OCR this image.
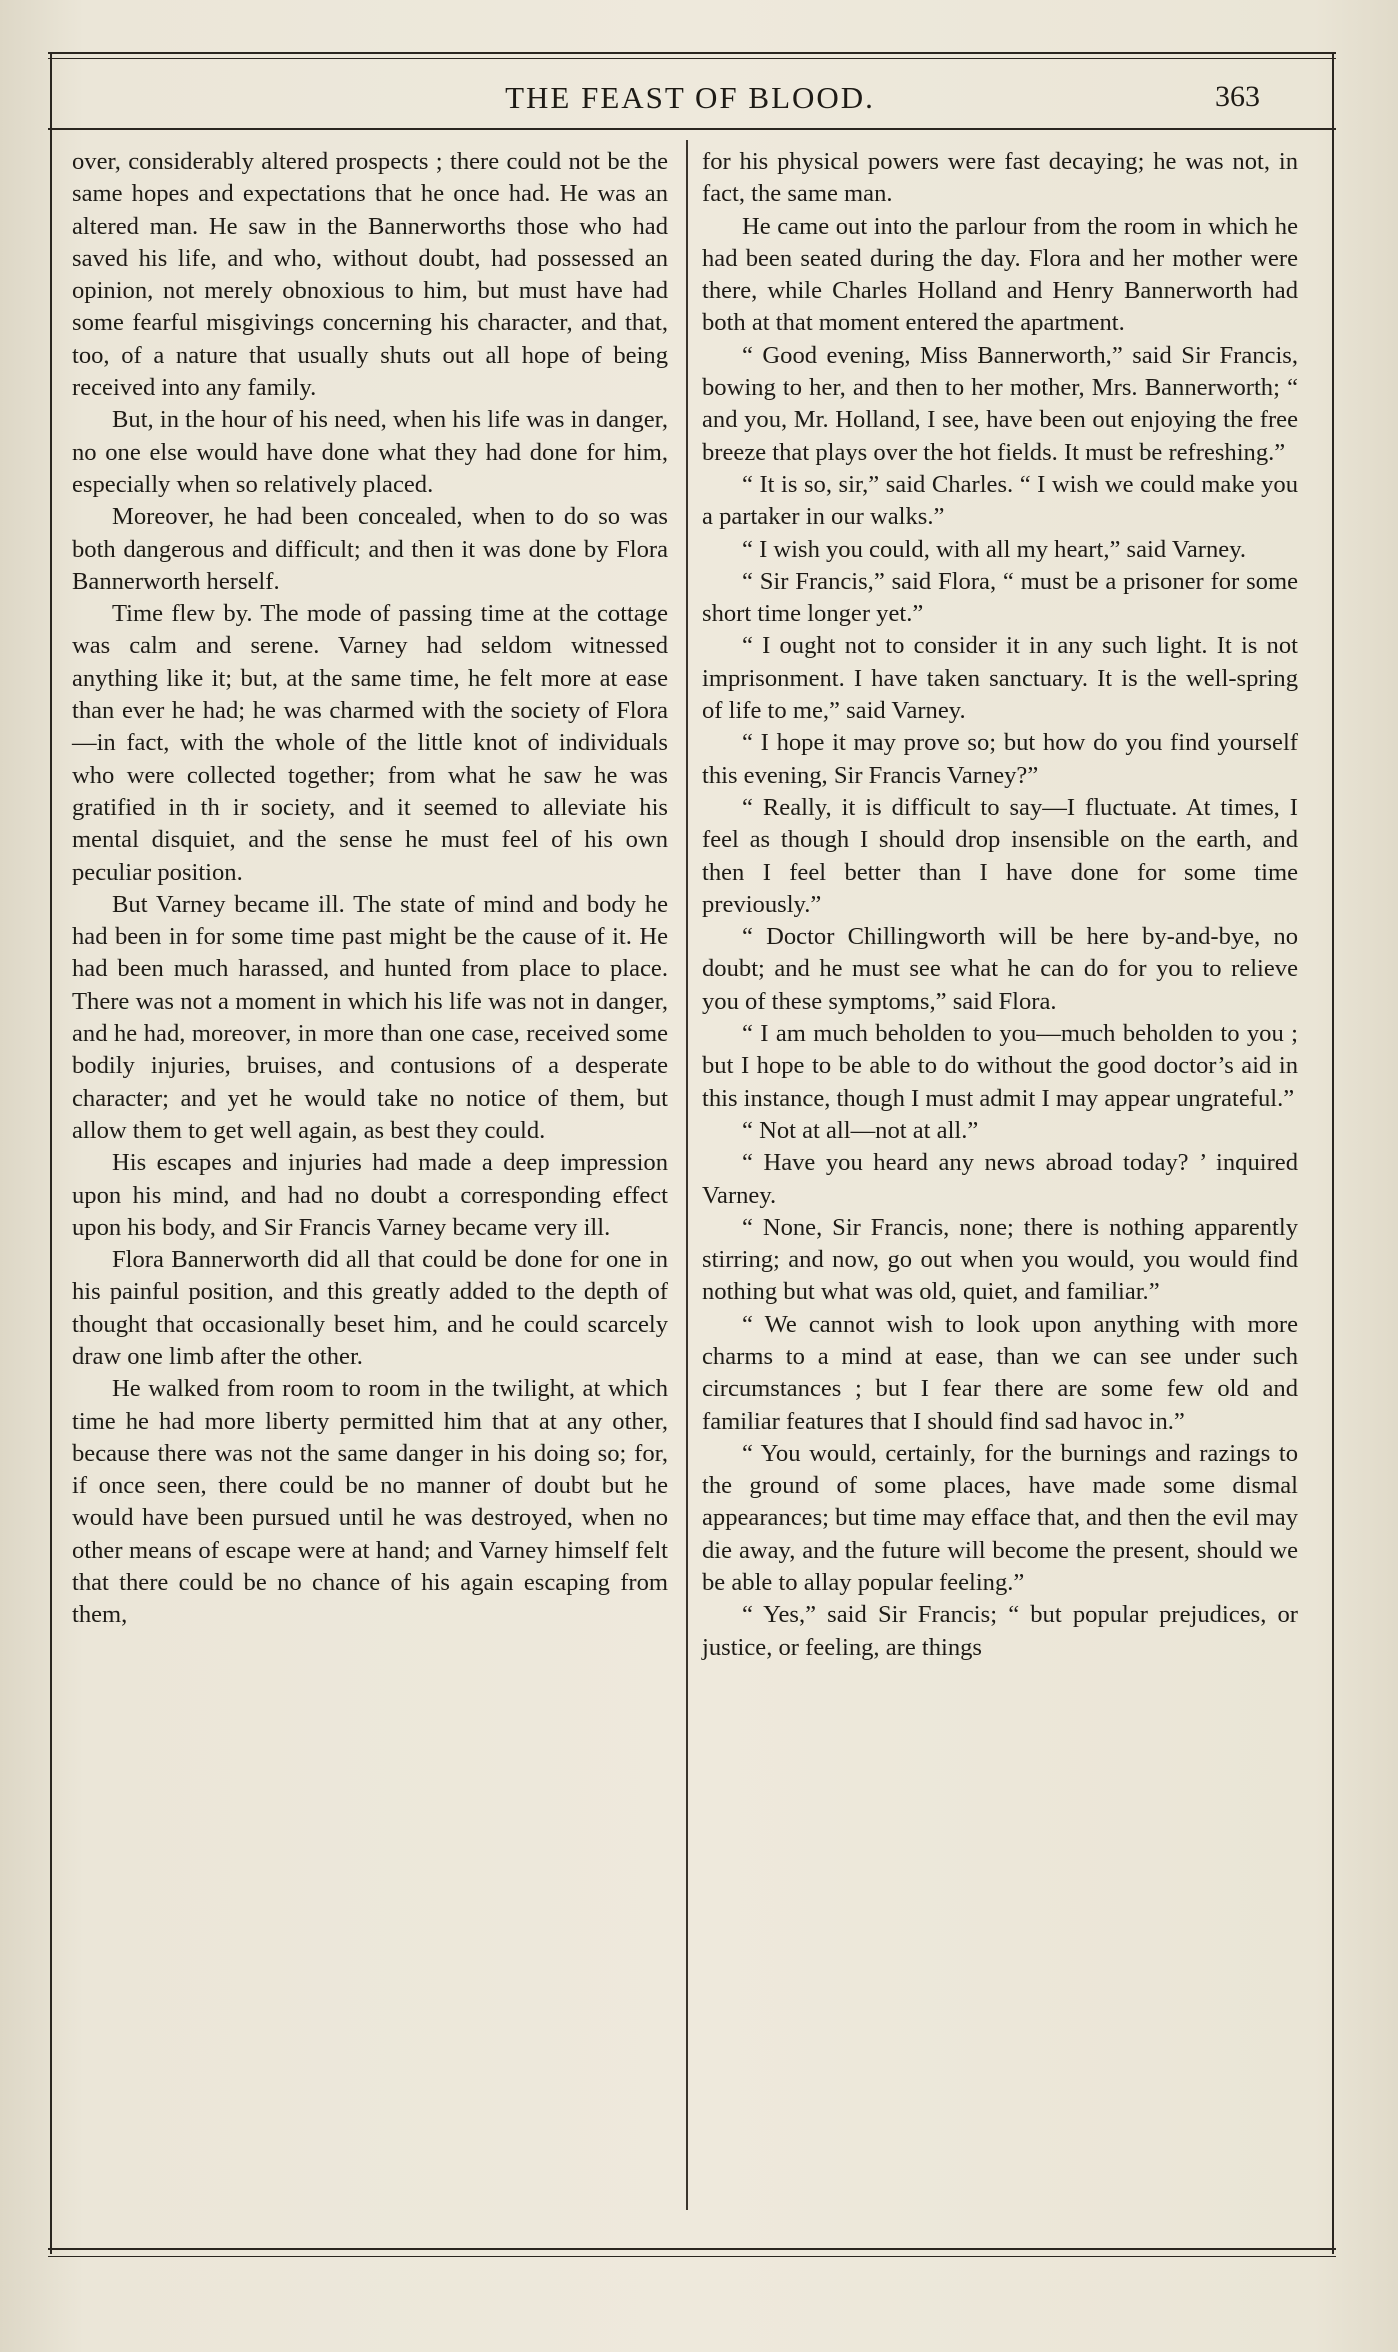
THE FEAST OF BLOOD.	363

over, considerably altered prospects ; there could not be the same hopes and expectations that he once had. He was an altered man. He saw in the Bannerworths those who had saved his life, and who, without doubt, had possessed an opinion, not merely obnoxious to him, but must have had some fearful misgivings concerning his character, and that, too, of a nature that usually shuts out all hope of being received into any family.

But, in the hour of his need, when his life was in danger, no one else would have done what they had done for him, especially when so relatively placed.

Moreover, he had been concealed, when to do so was both dangerous and difficult; and then it was done by Flora Bannerworth herself.

Time flew by. The mode of passing time at the cottage was calm and serene. Varney had seldom witnessed anything like it; but, at the same time, he felt more at ease than ever he had; he was charmed with the society of Flora—in fact, with the whole of the little knot of individuals who were collected together; from what he saw he was gratified in th ir society, and it seemed to alleviate his mental disquiet, and the sense he must feel of his own peculiar position.

But Varney became ill. The state of mind and body he had been in for some time past might be the cause of it. He had been much harassed, and hunted from place to place. There was not a moment in which his life was not in danger, and he had, moreover, in more than one case, received some bodily injuries, bruises, and contusions of a desperate character; and yet he would take no notice of them, but allow them to get well again, as best they could.

His escapes and injuries had made a deep impression upon his mind, and had no doubt a corresponding effect upon his body, and Sir Francis Varney became very ill.

Flora Bannerworth did all that could be done for one in his painful position, and this greatly added to the depth of thought that occasionally beset him, and he could scarcely draw one limb after the other.

He walked from room to room in the twilight, at which time he had more liberty permitted him that at any other, because there was not the same danger in his doing so; for, if once seen, there could be no manner of doubt but he would have been pursued until he was destroyed, when no other means of escape were at hand; and Varney himself felt that there could be no chance of his again escaping from them,

for his physical powers were fast decaying; he was not, in fact, the same man.

He came out into the parlour from the room in which he had been seated during the day. Flora and her mother were there, while Charles Holland and Henry Bannerworth had both at that moment entered the apartment.

“ Good evening, Miss Bannerworth,” said Sir Francis, bowing to her, and then to her mother, Mrs. Bannerworth; “ and you, Mr. Holland, I see, have been out enjoying the free breeze that plays over the hot fields. It must be refreshing.”

“ It is so, sir,” said Charles. “ I wish we could make you a partaker in our walks.”

“ I wish you could, with all my heart,” said Varney.

“ Sir Francis,” said Flora, “ must be a prisoner for some short time longer yet.”

“ I ought not to consider it in any such light. It is not imprisonment. I have taken sanctuary. It is the well-spring of life to me,” said Varney.

“ I hope it may prove so; but how do you find yourself this evening, Sir Francis Varney?”

“ Really, it is difficult to say—I fluctuate. At times, I feel as though I should drop insensible on the earth, and then I feel better than I have done for some time previously.”

“ Doctor Chillingworth will be here by-and-bye, no doubt; and he must see what he can do for you to relieve you of these symptoms,” said Flora.

“ I am much beholden to you—much beholden to you ; but I hope to be able to do without the good doctor’s aid in this instance, though I must admit I may appear ungrateful.”

“ Not at all—not at all.”

“ Have you heard any news abroad today? ’ inquired Varney.

“ None, Sir Francis, none; there is nothing apparently stirring; and now, go out when you would, you would find nothing but what was old, quiet, and familiar.”

“ We cannot wish to look upon anything with more charms to a mind at ease, than we can see under such circumstances ; but I fear there are some few old and familiar features that I should find sad havoc in.”

“ You would, certainly, for the burnings and razings to the ground of some places, have made some dismal appearances; but time may efface that, and then the evil may die away, and the future will become the present, should we be able to allay popular feeling.”

“ Yes,” said Sir Francis; “ but popular prejudices, or justice, or feeling, are things
